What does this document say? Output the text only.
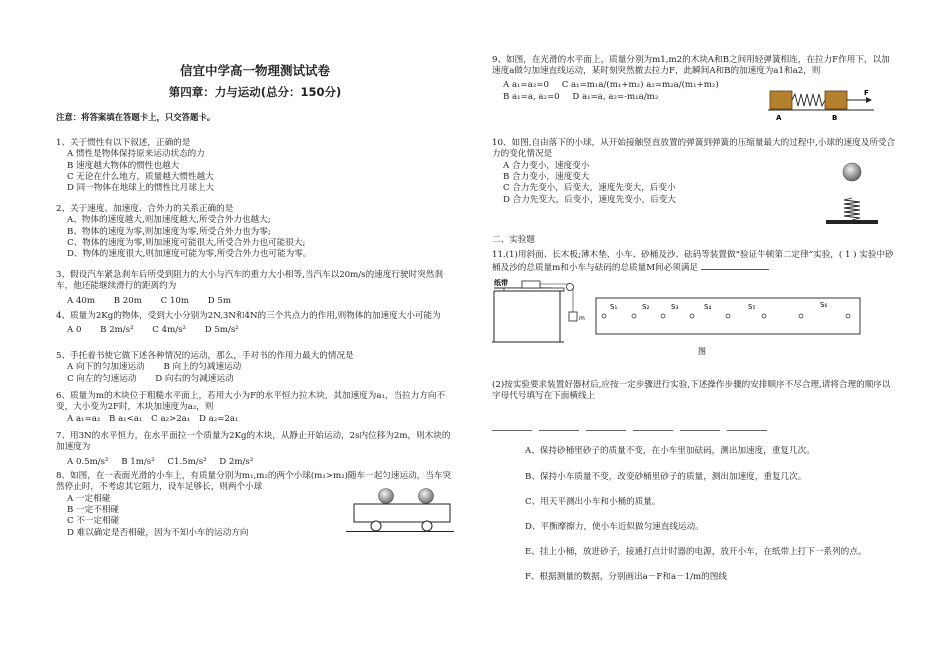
信宜中学高一物理测试试卷
第四章：力与运动(总分：150分)
注意：将答案填在答题卡上，只交答题卡。
1、关于惯性有以下叙述，正确的是
A 惯性是物体保持原来运动状态的力
B 速度越大物体的惯性也越大
C 无论在什么地方，质量越大惯性越大
D 同一物体在地球上的惯性比月球上大
2、关于速度、加速度、合外力的关系正确的是
A、物体的速度越大,则加速度越大,所受合外力也越大;
B、物体的速度为零,则加速度为零,所受合外力也为零;
C、物体的速度为零,则加速度可能很大,所受合外力也可能很大;
D、物体的速度很大,则加速度可能为零,所受合外力也可能为零。
3、假设汽车紧急刹车后所受到阻力的大小与汽车的重力大小相等,当汽车以20m/s的速度行驶时突然刹车，他还能继续滑行的距离约为
A 40m B 20m C 10m D 5m
4、质量为2Kg的物体，受到大小分别为2N,3N和4N的三个共点力的作用,则物体的加速度大小可能为
A 0 B 2m/s² C 4m/s² D 5m/s²
5、手托着书使它做下述各种情况的运动，那么，手对书的作用力最大的情况是
A 向下的匀加速运动 B 向上的匀减速运动
C 向左的匀速运动 D 向右的匀减速运动
6、质量为m的木块位于粗糙水平面上，若用大小为F的水平恒力拉木块，其加速度为a₁，当拉力方向不变，大小变为2F时，木块加速度为a₂，则
A a₁=a₂ B a₁<a₁ C a₂>2a₁ D a₂=2a₁
7、用3N的水平恒力，在水平面拉一个质量为2Kg的木块，从静止开始运动，2s内位移为2m，则木块的加速度为
A 0.5m/s² B 1m/s² C1.5m/s² D 2m/s²
8、如图，在一表面光滑的小车上，有质量分别为m₁,m₂的两个小球(m₁>m₂)随车一起匀速运动，当车突然停止时，不考虑其它阻力，设车足够长，则两个小球
A 一定相碰
B 一定不相碰
C 不一定相碰
D 难以确定是否相碰，因为不知小车的运动方向
9、如图，在光滑的水平面上，质量分别为m1,m2的木块A和B之间用轻弹簧相连，在拉力F作用下，以加速度a做匀加速直线运动，某时刻突然撤去拉力F，此瞬间A和B的加速度为a1和a2，则
A a₁=a₂=0 C a₁=m₁a/(m₁+m₂) a₂=m₂a/(m₁+m₂)
B a₁=a, a₂=0 D a₁=a, a₂=-m₁a/m₂
A	B
F
10、如图,自由落下的小球，从开始接触竖直放置的弹簧到弹簧的压缩量最大的过程中,小球的速度及所受合力的变化情况是
A 合力变小，速度变小
B 合力变小，速度变大
C 合力先变小，后变大，速度先变大，后变小
D 合力先变大，后变小，速度先变小，后变大
二、实验题
11.(1)用斜面、长木板;薄木垫、小车、砂桶及沙、砝码等装置做“验证牛顿第二定律”实验，( 1 ) 实验中砂桶及沙的总质量m和小车与砝码的总质量M间必须满足
纸带
m
S₁	S₂	S₃	S₄	S₅	S₆
图
(2)按实验要求装置好器材后,应按一定步骤进行实验,下述操作步骤的安排顺序不尽合理,请将合理的顺序以字母代号填写在下面横线上
A、保持砂桶里砂子的质量不变，在小车里加砝码，测出加速度，重复几次。
B、保持小车质量不变，改变砂桶里砂子的质量，测出加速度，重复几次。
C、用天平测出小车和小桶的质量。
D、平衡摩擦力，使小车近似做匀速直线运动。
E、挂上小桶，放进砂子，接通打点计时器的电源，放开小车，在纸带上打下一系列的点。
F、根据测量的数据，分别画出a－F和a－1/m的图线
